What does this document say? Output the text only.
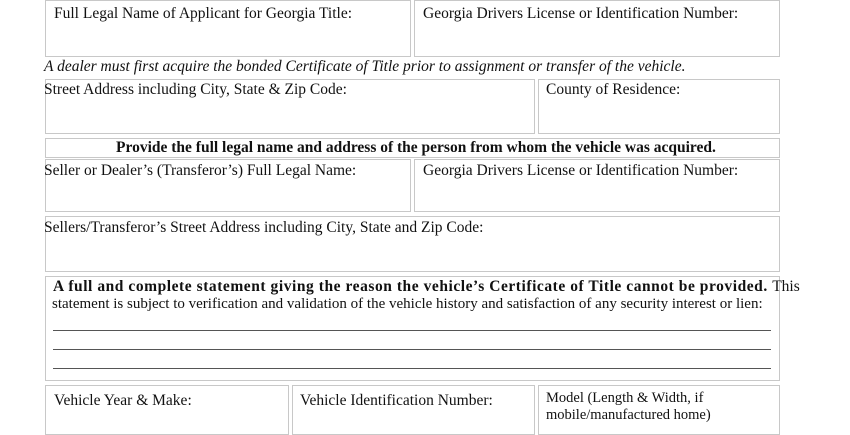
Full Legal Name of Applicant for Georgia Title:	Georgia Drivers License or Identification Number:
A dealer must first acquire the bonded Certificate of Title prior to assignment or transfer of the vehicle.
Street Address including City, State & Zip Code:	County of Residence:
Provide the full legal name and address of the person from whom the vehicle was acquired.
Seller or Dealer’s (Transferor’s) Full Legal Name:	Georgia Drivers License or Identification Number:
Sellers/Transferor’s Street Address including City, State and Zip Code:
A full and complete statement giving the reason the vehicle’s Certificate of Title cannot be provided. This
statement is subject to verification and validation of the vehicle history and satisfaction of any security interest or lien:
Vehicle Year & Make:	Vehicle Identification Number:	Model (Length & Width, if
mobile/manufactured home)
